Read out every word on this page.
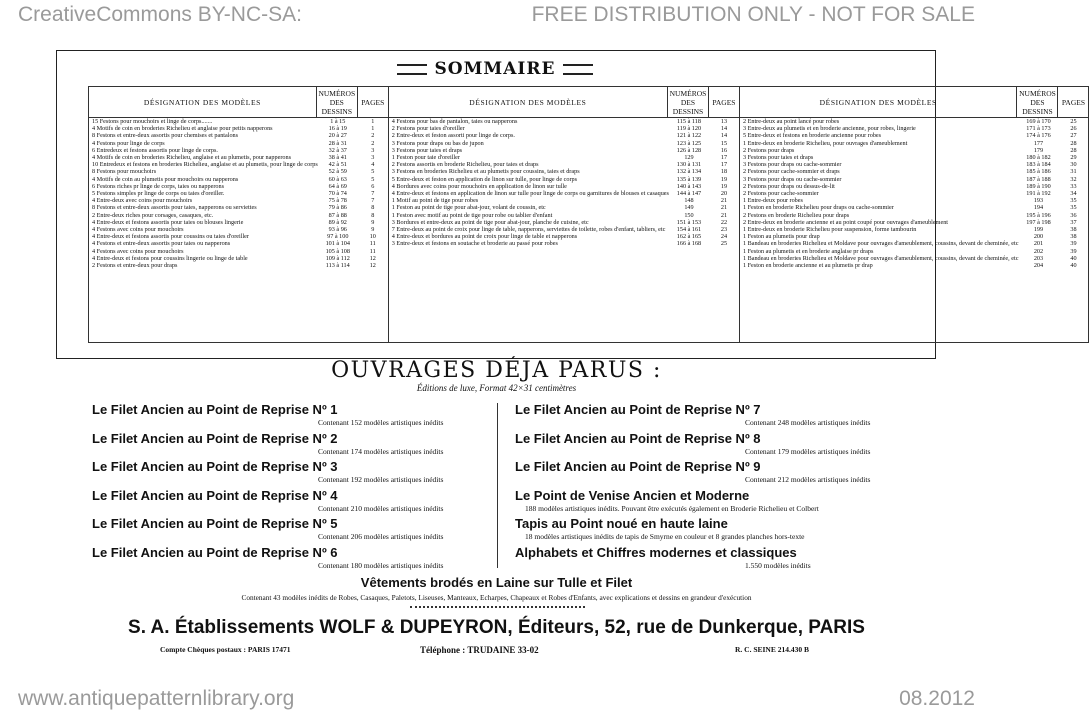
CreativeCommons BY-NC-SA:	FREE DISTRIBUTION ONLY - NOT FOR SALE
SOMMAIRE
DÉSIGNATION DES MODÈLES
NUMÉROS DES DESSINS
PAGES
15 Festons pour mouchoirs et linge de corps.......	1 à 15	1
4 Motifs de coin en broderies Richelieu et anglaise pour petits napperons	16 à 19	1
8 Festons et entre-deux assortis pour chemises et pantalons	20 à 27	2
4 Festons pour linge de corps	28 à 31	2
6 Entredeux et festons assortis pour linge de corps.	32 à 37	3
4 Motifs de coin en broderies Richelieu, anglaise et au plumetis, pour napperons	38 à 41	3
10 Entredeux et festons en broderies Richelieu, anglaise et au plumetis, pour linge de corps	42 à 51	4
8 Festons pour mouchoirs	52 à 59	5
4 Motifs de coin au plumetis pour mouchoirs ou napperons	60 à 63	5
6 Festons riches pr linge de corps, taies ou napperons	64 à 69	6
5 Festons simples pr linge de corps ou taies d'oreiller.	70 à 74	7
4 Entre-deux avec coins pour mouchoirs	75 à 78	7
8 Festons et entre-deux assortis pour taies, napperons ou serviettes	79 à 86	8
2 Entre-deux riches pour corsages, casaques, etc.	87 à 88	8
4 Entre-deux et festons assortis pour taies ou blouses lingerie	89 à 92	9
4 Festons avec coins pour mouchoirs	93 à 96	9
4 Entre-deux et festons assortis pour coussins ou taies d'oreiller	97 à 100	10
4 Festons et entre-deux assortis pour taies ou napperons	101 à 104	11
4 Festons avec coins pour mouchoirs	105 à 108	11
4 Entre-deux et festons pour coussins lingerie ou linge de table	109 à 112	12
2 Festons et entre-deux pour draps	113 à 114	12
DÉSIGNATION DES MODÈLES
NUMÉROS DES DESSINS
PAGES
4 Festons pour bas de pantalon, taies ou napperons	115 à 118	13
2 Festons pour taies d'oreiller	119 à 120	14
2 Entre-deux et feston assorti pour linge de corps.	121 à 122	14
3 Festons pour draps ou bas de jupon	123 à 125	15
3 Festons pour taies et draps	126 à 128	16
1 Feston pour taie d'oreiller	129	17
2 Festons assortis en broderie Richelieu, pour taies et draps	130 à 131	17
3 Festons en broderies Richelieu et au plumetis pour coussins, taies et draps	132 à 134	18
5 Entre-deux et feston en application de linon sur tulle, pour linge de corps	135 à 139	19
4 Bordures avec coins pour mouchoirs en application de linon sur tulle	140 à 143	19
4 Entre-deux et festons en application de linon sur tulle pour linge de corps ou garnitures de blouses et casaques	144 à 147	20
1 Motif au point de tige pour robes	148	21
1 Feston au point de tige pour abat-jour, volant de coussin, etc	149	21
1 Feston avec motif au point de tige pour robe ou tablier d'enfant	150	21
3 Bordures et entre-deux au point de tige pour abat-jour, planche de cuisine, etc	151 à 153	22
7 Entre-deux au point de croix pour linge de table, napperons, serviettes de toilette, robes d'enfant, tabliers, etc	154 à 161	23
4 Entre-deux et bordures au point de croix pour linge de table et napperons	162 à 165	24
3 Entre-deux et festons en soutache et broderie au passé pour robes	166 à 168	25
DÉSIGNATION DES MODÈLES
NUMÉROS DES DESSINS
PAGES
2 Entre-deux au point lancé pour robes	169 à 170	25
3 Entre-deux au plumetis et en broderie ancienne, pour robes, lingerie	171 à 173	26
5 Entre-deux et festons en broderie ancienne pour robes	174 à 176	27
1 Entre-deux en broderie Richelieu, pour ouvrages d'ameublement	177	28
2 Festons pour draps	179	28
3 Festons pour taies et draps	180 à 182	29
3 Festons pour draps ou cache-sommier	183 à 184	30
2 Festons pour cache-sommier et draps	185 à 186	31
3 Festons pour draps ou cache-sommier	187 à 188	32
2 Festons pour draps ou dessus-de-lit	189 à 190	33
2 Festons pour cache-sommier	191 à 192	34
1 Entre-deux pour robes	193	35
1 Feston en broderie Richelieu pour draps ou cache-sommier	194	35
2 Festons en broderie Richelieu pour draps	195 à 196	36
2 Entre-deux en broderie ancienne et au point coupé pour ouvrages d'ameublement	197 à 198	37
1 Entre-deux en broderie Richelieu pour suspension, forme tambourin	199	38
1 Feston au plumetis pour drap	200	38
1 Bandeau en broderies Richelieu et Moldave pour ouvrages d'ameublement, coussins, devant de cheminée, etc	201	39
1 Feston au plumetis et en broderie anglaise pr draps	202	39
1 Bandeau en broderies Richelieu et Moldave pour ouvrages d'ameublement, coussins, devant de cheminée, etc	203	40
1 Feston en broderie ancienne et au plumetis pr drap	204	40
OUVRAGES DÉJA PARUS :
Éditions de luxe, Format 42×31 centimètres
Le Filet Ancien au Point de Reprise Nº 1
Contenant 152 modèles artistiques inédits
Le Filet Ancien au Point de Reprise Nº 2
Contenant 174 modèles artistiques inédits
Le Filet Ancien au Point de Reprise Nº 3
Contenant 192 modèles artistiques inédits
Le Filet Ancien au Point de Reprise Nº 4
Contenant 210 modèles artistiques inédits
Le Filet Ancien au Point de Reprise Nº 5
Contenant 206 modèles artistiques inédits
Le Filet Ancien au Point de Reprise Nº 6
Contenant 180 modèles artistiques inédits
Le Filet Ancien au Point de Reprise Nº 7
Contenant 248 modèles artistiques inédits
Le Filet Ancien au Point de Reprise Nº 8
Contenant 179 modèles artistiques inédits
Le Filet Ancien au Point de Reprise Nº 9
Contenant 212 modèles artistiques inédits
Le Point de Venise Ancien et Moderne
188 modèles artistiques inédits. Pouvant être exécutés également en Broderie Richelieu et Colbert
Tapis au Point noué en haute laine
18 modèles artistiques inédits de tapis de Smyrne en couleur et 8 grandes planches hors-texte
Alphabets et Chiffres modernes et classiques
1.550 modèles inédits
Vêtements brodés en Laine sur Tulle et Filet
Contenant 43 modèles inédits de Robes, Casaques, Paletots, Liseuses, Manteaux, Echarpes, Chapeaux et Robes d'Enfants, avec explications et dessins en grandeur d'exécution
S. A. Établissements WOLF & DUPEYRON, Éditeurs, 52, rue de Dunkerque, PARIS
Compte Chèques postaux : PARIS 17471	Téléphone : TRUDAINE 33-02	R. C. SEINE 214.430 B
www.antiquepatternlibrary.org	08.2012
